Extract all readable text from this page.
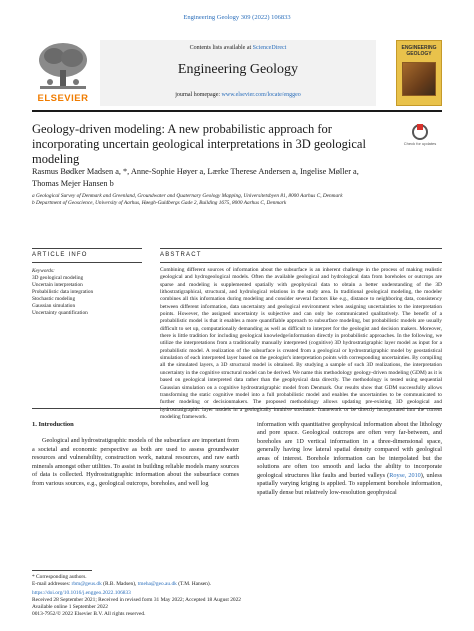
Engineering Geology 309 (2022) 106833
ELSEVIER
Contents lists available at ScienceDirect
Engineering Geology
journal homepage: www.elsevier.com/locate/enggeo
ENGINEERING GEOLOGY
Geology-driven modeling: A new probabilistic approach for incorporating uncertain geological interpretations in 3D geological modeling
Check for updates
Rasmus Bødker Madsen a, *, Anne-Sophie Høyer a, Lærke Therese Andersen a, Ingelise Møller a,
Thomas Mejer Hansen b
a Geological Survey of Denmark and Greenland, Groundwater and Quaternary Geology Mapping, Universitetsbyen 81, 8000 Aarhus C, Denmark
b Department of Geoscience, University of Aarhus, Høegh-Guldbergs Gade 2, Building 1675, 8000 Aarhus C, Denmark
ARTICLE INFO	ABSTRACT
Keywords:
3D geological modeling
Uncertain interpretation
Probabilistic data integration
Stochastic modeling
Gaussian simulation
Uncertainty quantification

Combining different sources of information about the subsurface is an inherent challenge in the process of making realistic geological and hydrogeological models. Often the available geological and hydrological data from boreholes or outcrops are sparse and modeling is supplemented spatially with geophysical data to obtain a better understanding of the 3D lithostratigraphical, structural, and hydrological relations in the study area. In traditional geological modeling, the modeler combines all this information during modeling and consider several factors like e.g., distance to neighboring data, consistency between different information, data uncertainty and geological environment when assigning uncertainties to the interpretation points. However, the assigned uncertainty is subjective and can only be communicated qualitatively. The benefit of a probabilistic model is that it enables a more quantifiable approach to subsurface modeling, but probabilistic models are usually difficult to set up, computationally demanding as well as difficult to interpret for the geologist and decision makers. Moreover, there is little tradition for including geological knowledge/information directly in probabilistic approaches. In the following, we utilize the interpretations from a traditionally manually interpreted (cognitive) 3D hydrostratigraphic layer model as input for a probabilistic model. A realization of the subsurface is created from a geological or hydrostratigraphic model by geostatistical simulation of each interpreted layer based on the geologist's interpretation points with corresponding uncertainties. By compiling all the simulated layers, a 3D structural model is obtained. By studying a sample of such 3D realizations, the interpretation uncertainty in the cognitive structural model can be derived. We name this methodology geology-driven modeling (GDM) as it is based on geological interpreted data rather than the geophysical data directly. The methodology is tested using sequential Gaussian simulation on a cognitive hydrostratigraphic model from Denmark. Our results show that GDM successfully allows transforming the static cognitive model into a full probabilistic model and enables the uncertainties to be communicated to further modeling or decisionmakers. The proposed methodology allows updating pre-existing 3D geological and hydrostratigraphic layer models in a geologically intuitive stochastic framework or be directly incorporated into the current modeling framework.

1. Introduction

Geological and hydrostratigraphic models of the subsurface are important from a societal and economic perspective as both are used to assess groundwater resources and vulnerability, construction work, natural resources, and raw earth minerals amongst other utilities. To assist in building reliable models many sources of data is collected. Hydrostratigraphic information about the subsurface comes from various sources, e.g., geological outcrops, boreholes, and well log

information with quantitative geophysical information about the lithology and pore space. Geological outcrops are often very far-between, and boreholes are 1D vertical information in a three-dimensional space, generally having low lateral spatial density compared with geological areas of interest. Borehole information can be interpolated but the solutions are often too smooth and lacks the ability to incorporate geological structures like faults and buried valleys (Royse, 2010), unless spatially varying kriging is applied. To supplement borehole information, spatially dense but relatively low-resolution geophysical

* Corresponding authors.
E-mail addresses: rbm@geus.dk (R.B. Madsen), tmeha@geo.au.dk (T.M. Hansen).
https://doi.org/10.1016/j.enggeo.2022.106833
Received 28 September 2021; Received in revised form 31 May 2022; Accepted 18 August 2022
Available online 1 September 2022
0013-7952/© 2022 Elsevier B.V. All rights reserved.
